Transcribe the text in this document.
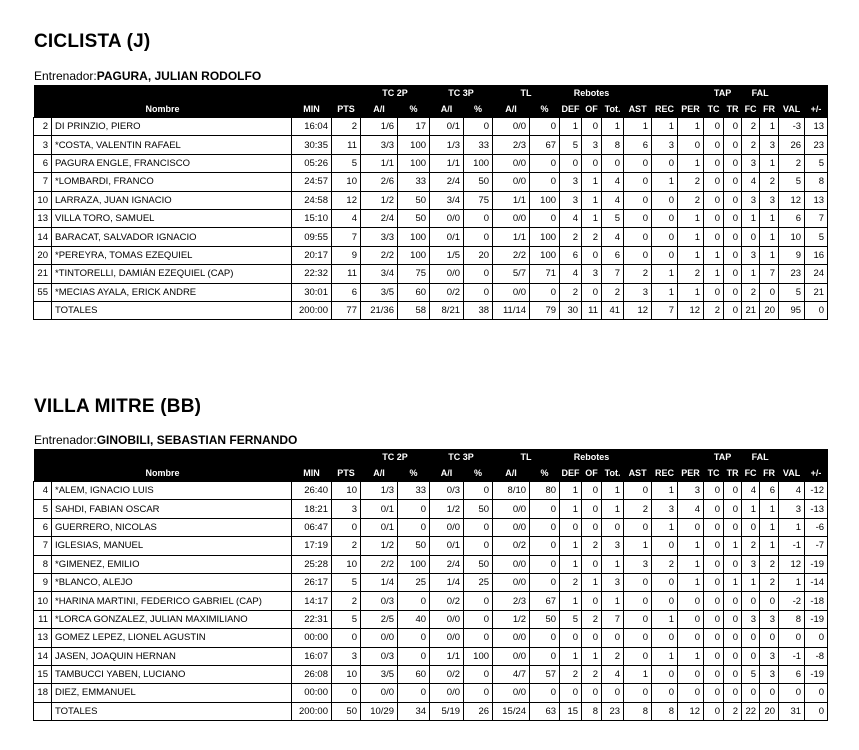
CICLISTA (J)
Entrenador:PAGURA, JULIAN RODOLFO
				TC 2P		TC 3P		TL		Rebotes						TAP		FAL			
Nombre		MIN	PTS	A/I	%	A/I	%	A/I	%	DEF	OF	Tot.	AST	REC	PER	TC	TR	FC	FR	VAL	+/-
2	DI PRINZIO, PIERO	16:04	2	1/6	17	0/1	0	0/0	0	1	0	1	1	1	1	0	0	2	1	-3	13
3	*COSTA, VALENTIN RAFAEL	30:35	11	3/3	100	1/3	33	2/3	67	5	3	8	6	3	0	0	0	2	3	26	23
6	PAGURA ENGLE, FRANCISCO	05:26	5	1/1	100	1/1	100	0/0	0	0	0	0	0	0	1	0	0	3	1	2	5
7	*LOMBARDI, FRANCO	24:57	10	2/6	33	2/4	50	0/0	0	3	1	4	0	1	2	0	0	4	2	5	8
10	LARRAZA, JUAN IGNACIO	24:58	12	1/2	50	3/4	75	1/1	100	3	1	4	0	0	2	0	0	3	3	12	13
13	VILLA TORO, SAMUEL	15:10	4	2/4	50	0/0	0	0/0	0	4	1	5	0	0	1	0	0	1	1	6	7
14	BARACAT, SALVADOR IGNACIO	09:55	7	3/3	100	0/1	0	1/1	100	2	2	4	0	0	1	0	0	0	1	10	5
20	*PEREYRA, TOMAS EZEQUIEL	20:17	9	2/2	100	1/5	20	2/2	100	6	0	6	0	0	1	1	0	3	1	9	16
21	*TINTORELLI, DAMIÁN EZEQUIEL (CAP)	22:32	11	3/4	75	0/0	0	5/7	71	4	3	7	2	1	2	1	0	1	7	23	24
55	*MECIAS AYALA, ERICK ANDRE	30:01	6	3/5	60	0/2	0	0/0	0	2	0	2	3	1	1	0	0	2	0	5	21
	TOTALES	200:00	77	21/36	58	8/21	38	11/14	79	30	11	41	12	7	12	2	0	21	20	95	0
VILLA MITRE (BB)
Entrenador:GINOBILI, SEBASTIAN FERNANDO
				TC 2P		TC 3P		TL		Rebotes						TAP		FAL			
Nombre		MIN	PTS	A/I	%	A/I	%	A/I	%	DEF	OF	Tot.	AST	REC	PER	TC	TR	FC	FR	VAL	+/-
4	*ALEM, IGNACIO LUIS	26:40	10	1/3	33	0/3	0	8/10	80	1	0	1	0	1	3	0	0	4	6	4	-12
5	SAHDI, FABIAN OSCAR	18:21	3	0/1	0	1/2	50	0/0	0	1	0	1	2	3	4	0	0	1	1	3	-13
6	GUERRERO, NICOLAS	06:47	0	0/1	0	0/0	0	0/0	0	0	0	0	0	1	0	0	0	0	1	1	-6
7	IGLESIAS, MANUEL	17:19	2	1/2	50	0/1	0	0/2	0	1	2	3	1	0	1	0	1	2	1	-1	-7
8	*GIMENEZ, EMILIO	25:28	10	2/2	100	2/4	50	0/0	0	1	0	1	3	2	1	0	0	3	2	12	-19
9	*BLANCO, ALEJO	26:17	5	1/4	25	1/4	25	0/0	0	2	1	3	0	0	1	0	1	1	2	1	-14
10	*HARINA MARTINI, FEDERICO GABRIEL (CAP)	14:17	2	0/3	0	0/2	0	2/3	67	1	0	1	0	0	0	0	0	0	0	-2	-18
11	*LORCA GONZALEZ, JULIAN MAXIMILIANO	22:31	5	2/5	40	0/0	0	1/2	50	5	2	7	0	1	0	0	0	3	3	8	-19
13	GOMEZ LEPEZ, LIONEL AGUSTIN	00:00	0	0/0	0	0/0	0	0/0	0	0	0	0	0	0	0	0	0	0	0	0	0
14	JASEN, JOAQUIN HERNAN	16:07	3	0/3	0	1/1	100	0/0	0	1	1	2	0	1	1	0	0	0	3	-1	-8
15	TAMBUCCI YABEN, LUCIANO	26:08	10	3/5	60	0/2	0	4/7	57	2	2	4	1	0	0	0	0	5	3	6	-19
18	DIEZ, EMMANUEL	00:00	0	0/0	0	0/0	0	0/0	0	0	0	0	0	0	0	0	0	0	0	0	0
	TOTALES	200:00	50	10/29	34	5/19	26	15/24	63	15	8	23	8	8	12	0	2	22	20	31	0
